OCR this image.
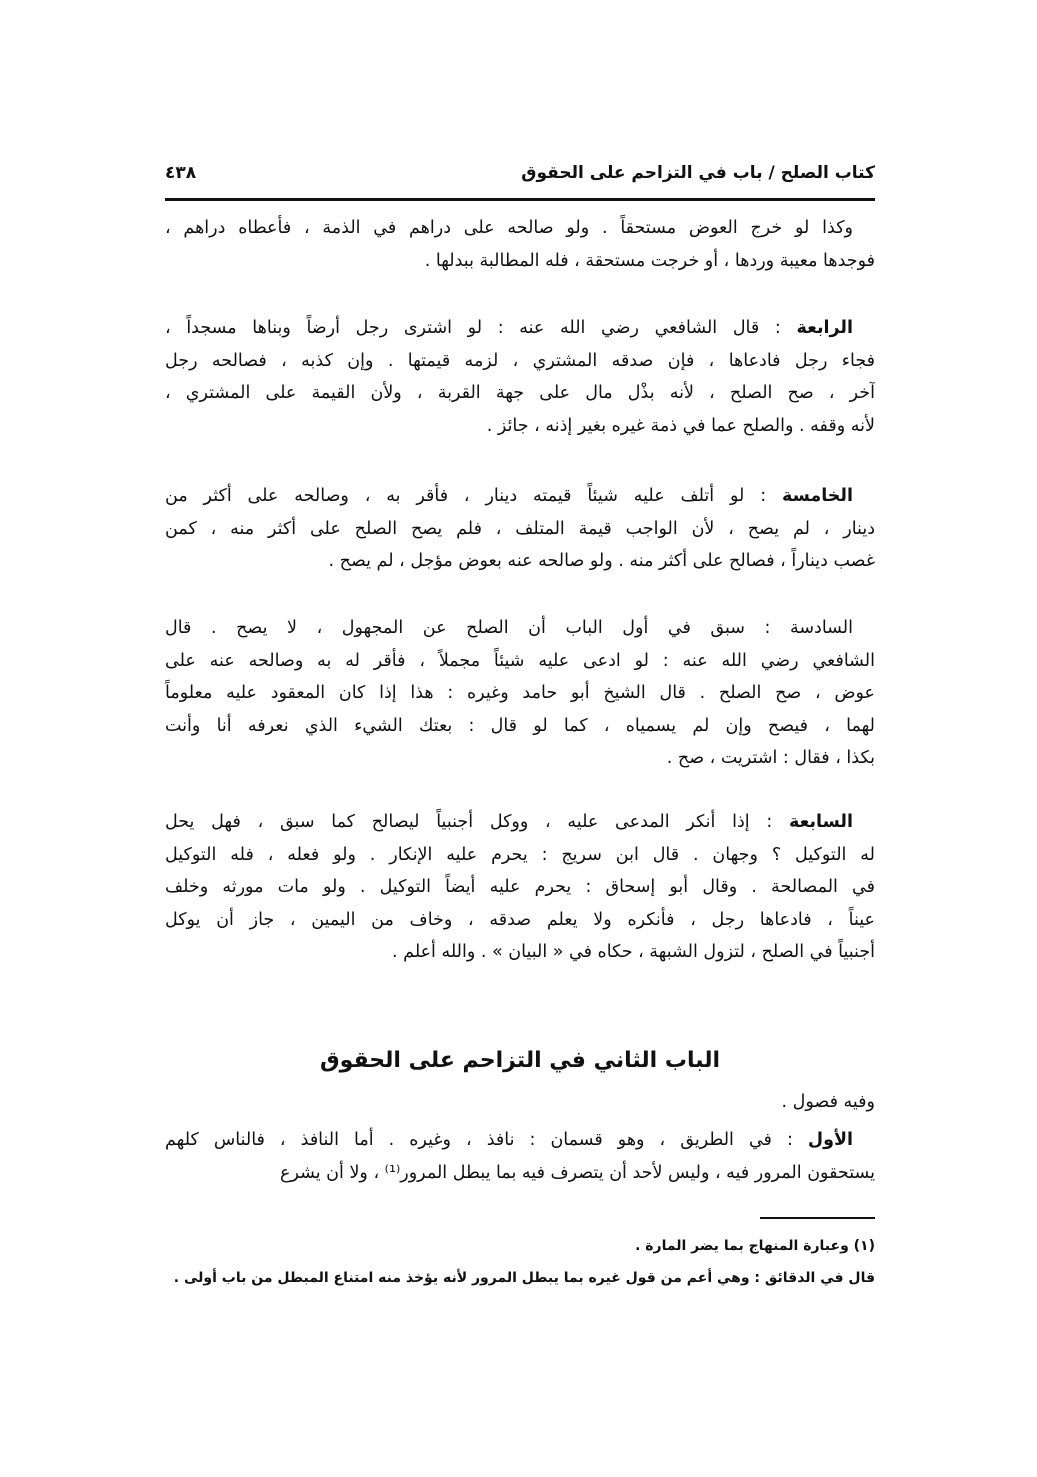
كتاب الصلح / باب في التزاحم على الحقوق
٤٣٨
وكذا لو خرج العوض مستحقاً . ولو صالحه على دراهم في الذمة ، فأعطاه دراهم ،
فوجدها معيبة وردها ، أو خرجت مستحقة ، فله المطالبة ببدلها .
الرابعة : قال الشافعي رضي الله عنه : لو اشترى رجل أرضاً وبناها مسجداً ،
فجاء رجل فادعاها ، فإن صدقه المشتري ، لزمه قيمتها . وإن كذبه ، فصالحه رجل
آخر ، صح الصلح ، لأنه بذْل مال على جهة القربة ، ولأن القيمة على المشتري ،
لأنه وقفه . والصلح عما في ذمة غيره بغير إذنه ، جائز .
الخامسة : لو أتلف عليه شيئاً قيمته دينار ، فأقر به ، وصالحه على أكثر من
دينار ، لم يصح ، لأن الواجب قيمة المتلف ، فلم يصح الصلح على أكثر منه ، كمن
غصب ديناراً ، فصالح على أكثر منه . ولو صالحه عنه بعوض مؤجل ، لم يصح .
السادسة : سبق في أول الباب أن الصلح عن المجهول ، لا يصح . قال
الشافعي رضي الله عنه : لو ادعى عليه شيئاً مجملاً ، فأقر له به وصالحه عنه على
عوض ، صح الصلح . قال الشيخ أبو حامد وغيره : هذا إذا كان المعقود عليه معلوماً
لهما ، فيصح وإن لم يسمياه ، كما لو قال : بعتك الشيء الذي نعرفه أنا وأنت
بكذا ، فقال : اشتريت ، صح .
السابعة : إذا أنكر المدعى عليه ، ووكل أجنبياً ليصالح كما سبق ، فهل يحل
له التوكيل ؟ وجهان . قال ابن سريج : يحرم عليه الإنكار . ولو فعله ، فله التوكيل
في المصالحة . وقال أبو إسحاق : يحرم عليه أيضاً التوكيل . ولو مات مورثه وخلف
عيناً ، فادعاها رجل ، فأنكره ولا يعلم صدقه ، وخاف من اليمين ، جاز أن يوكل
أجنبياً في الصلح ، لتزول الشبهة ، حكاه في « البيان » . والله أعلم .
الباب الثاني في التزاحم على الحقوق
وفيه فصول .
الأول : في الطريق ، وهو قسمان : نافذ ، وغيره . أما النافذ ، فالناس كلهم
يستحقون المرور فيه ، وليس لأحد أن يتصرف فيه بما يبطل المرور⁽¹⁾ ، ولا أن يشرع
(١) وعبارة المنهاج بما يضر المارة .
قال في الدقائق : وهي أعم من قول غيره بما يبطل المرور لأنه يؤخذ منه امتناع المبطل من باب أولى .
